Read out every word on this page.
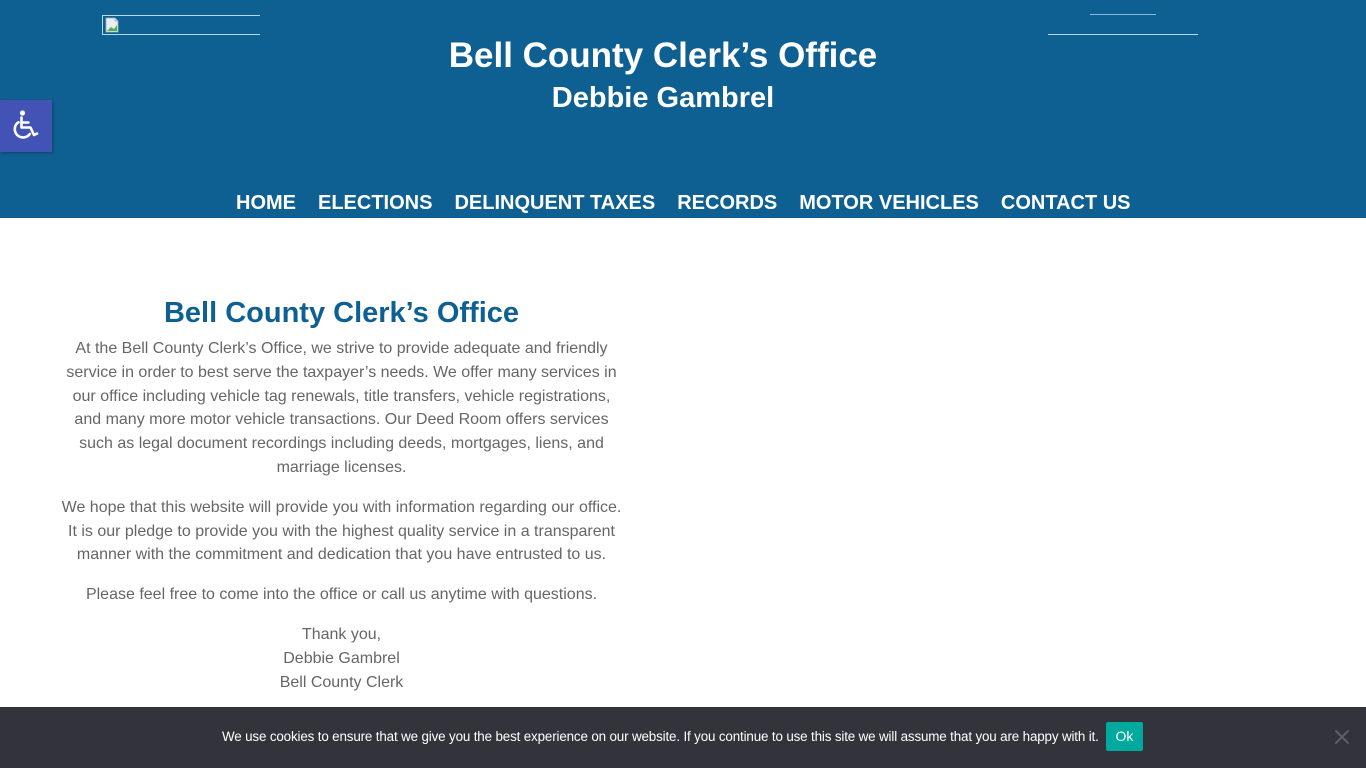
Bell County Clerk’s Office
Debbie Gambrel
HOME ELECTIONS DELINQUENT TAXES RECORDS MOTOR VEHICLES CONTACT US
Bell County Clerk’s Office

At the Bell County Clerk’s Office, we strive to provide adequate and friendly service in order to best serve the taxpayer’s needs. We offer many services in our office including vehicle tag renewals, title transfers, vehicle registrations, and many more motor vehicle transactions. Our Deed Room offers services such as legal document recordings including deeds, mortgages, liens, and marriage licenses.

We hope that this website will provide you with information regarding our office. It is our pledge to provide you with the highest quality service in a transparent manner with the commitment and dedication that you have entrusted to us.

Please feel free to come into the office or call us anytime with questions.

Thank you,

Debbie Gambrel

Bell County Clerk

We use cookies to ensure that we give you the best experience on our website. If you continue to use this site we will assume that you are happy with it.	Ok
